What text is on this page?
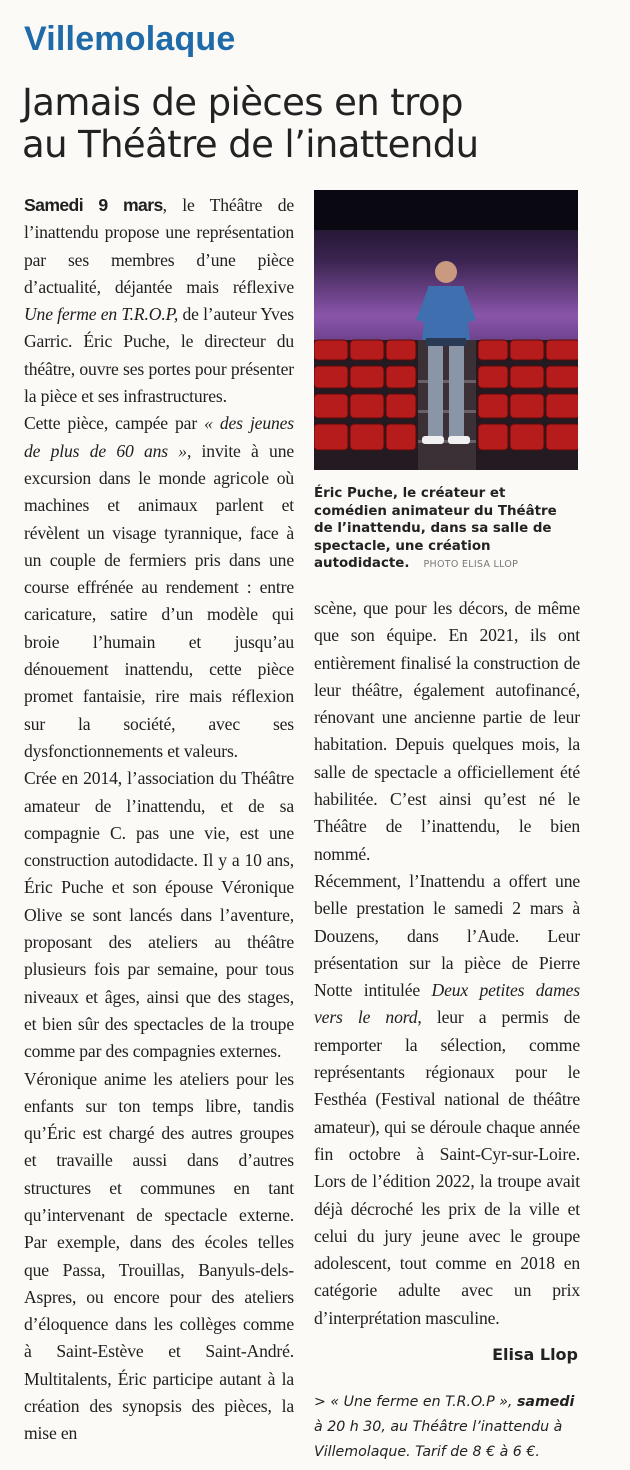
Villemolaque
Jamais de pièces en trop
au Théâtre de l’inattendu

Samedi 9 mars, le Théâtre de l’inattendu propose une représentation par ses membres d’une pièce d’actualité, déjantée mais réflexive Une ferme en T.R.O.P, de l’auteur Yves Garric. Éric Puche, le directeur du théâtre, ouvre ses portes pour présenter la pièce et ses infrastructures.

Cette pièce, campée par « des jeunes de plus de 60 ans », invite à une excursion dans le monde agricole où machines et animaux parlent et révèlent un visage tyrannique, face à un couple de fermiers pris dans une course effrénée au rendement : entre caricature, satire d’un modèle qui broie l’humain et jusqu’au dénouement inattendu, cette pièce promet fantaisie, rire mais réflexion sur la société, avec ses dysfonctionnements et valeurs.

Crée en 2014, l’association du Théâtre amateur de l’inattendu, et de sa compagnie C. pas une vie, est une construction autodidacte. Il y a 10 ans, Éric Puche et son épouse Véronique Olive se sont lancés dans l’aventure, proposant des ateliers au théâtre plusieurs fois par semaine, pour tous niveaux et âges, ainsi que des stages, et bien sûr des spectacles de la troupe comme par des compagnies externes.

Véronique anime les ateliers pour les enfants sur ton temps libre, tandis qu’Éric est chargé des autres groupes et travaille aussi dans d’autres structures et communes en tant qu’intervenant de spectacle externe. Par exemple, dans des écoles telles que Passa, Trouillas, Banyuls-dels-Aspres, ou encore pour des ateliers d’éloquence dans les collèges comme à Saint-Estève et Saint-André. Multitalents, Éric participe autant à la création des synopsis des pièces, la mise en

Éric Puche, le créateur et comédien animateur du Théâtre de l’inattendu, dans sa salle de spectacle, une création autodidacte. PHOTO ELISA LLOP

scène, que pour les décors, de même que son équipe. En 2021, ils ont entièrement finalisé la construction de leur théâtre, également autofinancé, rénovant une ancienne partie de leur habitation. Depuis quelques mois, la salle de spectacle a officiellement été habilitée. C’est ainsi qu’est né le Théâtre de l’inattendu, le bien nommé.

Récemment, l’Inattendu a offert une belle prestation le samedi 2 mars à Douzens, dans l’Aude. Leur présentation sur la pièce de Pierre Notte intitulée Deux petites dames vers le nord, leur a permis de remporter la sélection, comme représentants régionaux pour le Festhéa (Festival national de théâtre amateur), qui se déroule chaque année fin octobre à Saint-Cyr-sur-Loire. Lors de l’édition 2022, la troupe avait déjà décroché les prix de la ville et celui du jury jeune avec le groupe adolescent, tout comme en 2018 en catégorie adulte avec un prix d’interprétation masculine.

Elisa Llop
> « Une ferme en T.R.O.P », samedi à 20 h 30, au Théâtre l’inattendu à Villemolaque. Tarif de 8 € à 6 €.
